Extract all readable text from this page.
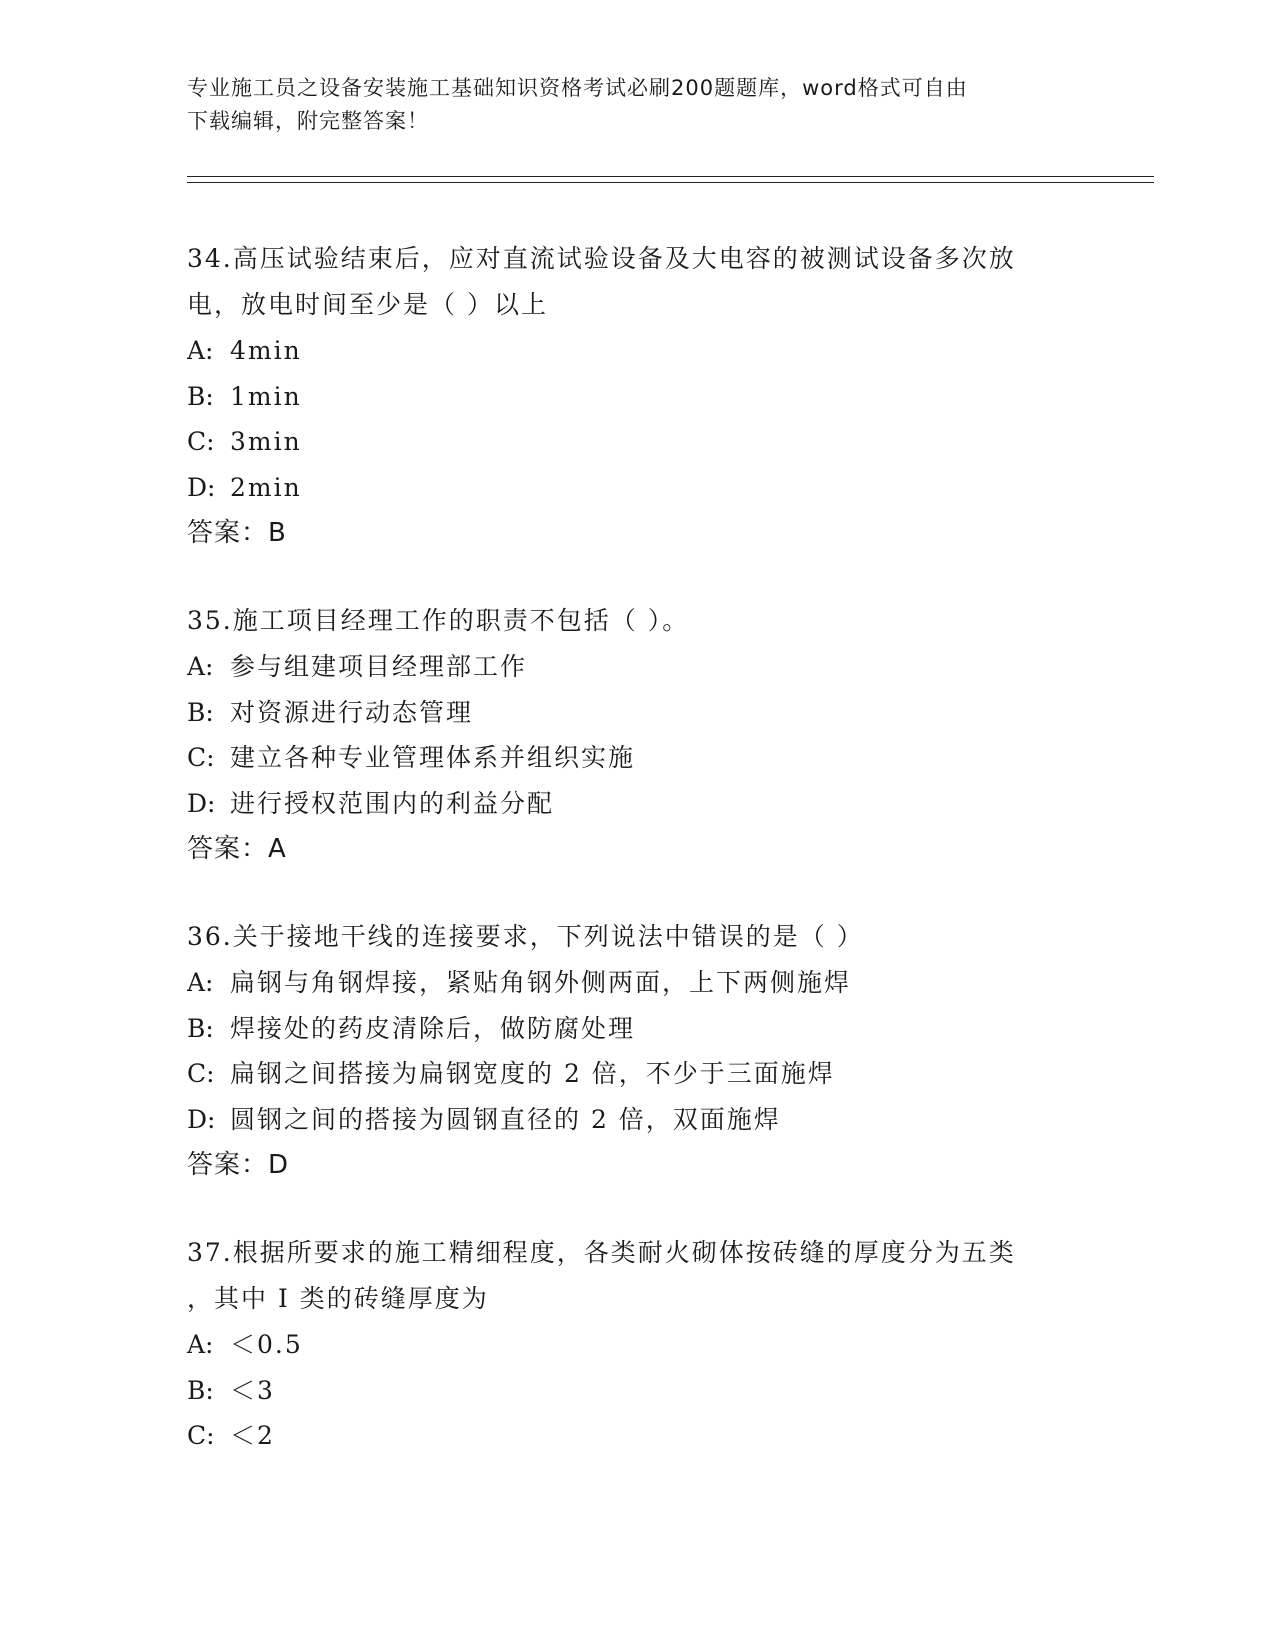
专业施工员之设备安装施工基础知识资格考试必刷200题题库，word格式可自由
下载编辑，附完整答案！
34.高压试验结束后，应对直流试验设备及大电容的被测试设备多次放
电，放电时间至少是（ ）以上
A: 4min
B: 1min
C: 3min
D: 2min
答案：B
35.施工项目经理工作的职责不包括（ ）。
A: 参与组建项目经理部工作
B: 对资源进行动态管理
C: 建立各种专业管理体系并组织实施
D: 进行授权范围内的利益分配
答案：A
36.关于接地干线的连接要求，下列说法中错误的是（ ）
A: 扁钢与角钢焊接，紧贴角钢外侧两面，上下两侧施焊
B: 焊接处的药皮清除后，做防腐处理
C: 扁钢之间搭接为扁钢宽度的 2 倍，不少于三面施焊
D: 圆钢之间的搭接为圆钢直径的 2 倍，双面施焊
答案：D
37.根据所要求的施工精细程度，各类耐火砌体按砖缝的厚度分为五类
，其中 I 类的砖缝厚度为
A: ＜0.5
B: ＜3
C: ＜2
